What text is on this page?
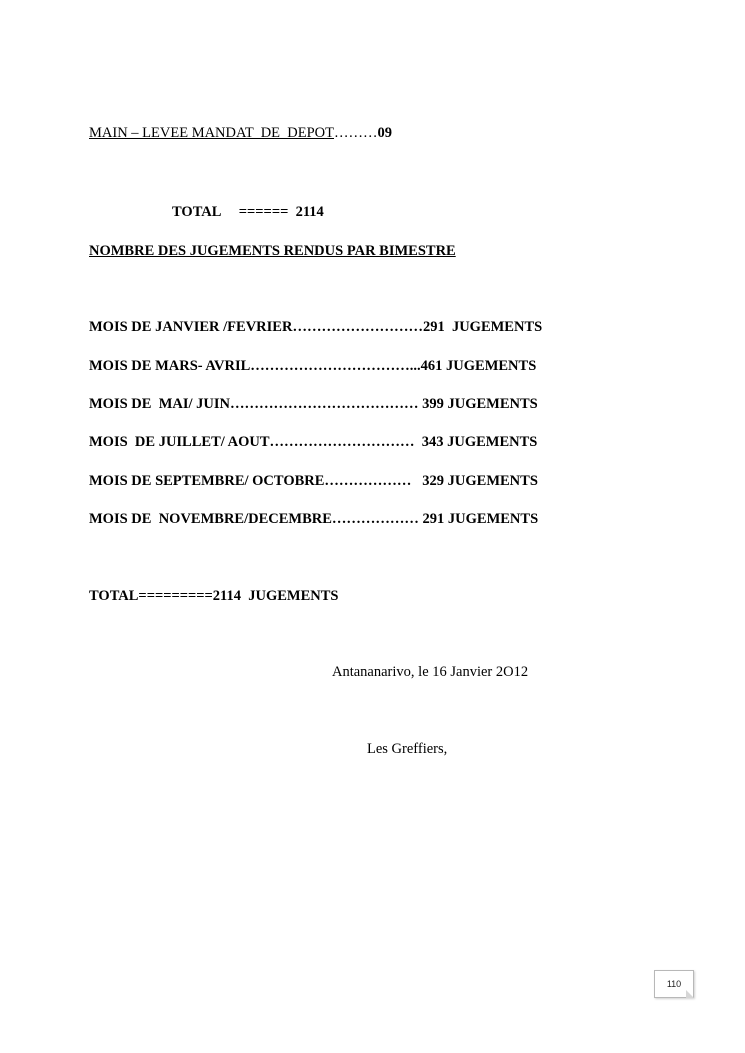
MAIN – LEVEE MANDAT  DE  DEPOT………09
TOTAL ====== 2114
NOMBRE DES JUGEMENTS RENDUS PAR BIMESTRE
MOIS DE JANVIER /FEVRIER………………………291  JUGEMENTS
MOIS DE MARS- AVRIL……………………………...461 JUGEMENTS
MOIS DE  MAI/ JUIN………………………………… 399 JUGEMENTS
MOIS  DE JUILLET/ AOUT…………………………  343 JUGEMENTS
MOIS DE SEPTEMBRE/ OCTOBRE………………   329 JUGEMENTS
MOIS DE  NOVEMBRE/DECEMBRE……………… 291 JUGEMENTS
TOTAL=========2114  JUGEMENTS
Antananarivo, le 16 Janvier 2O12
Les Greffiers,
110
